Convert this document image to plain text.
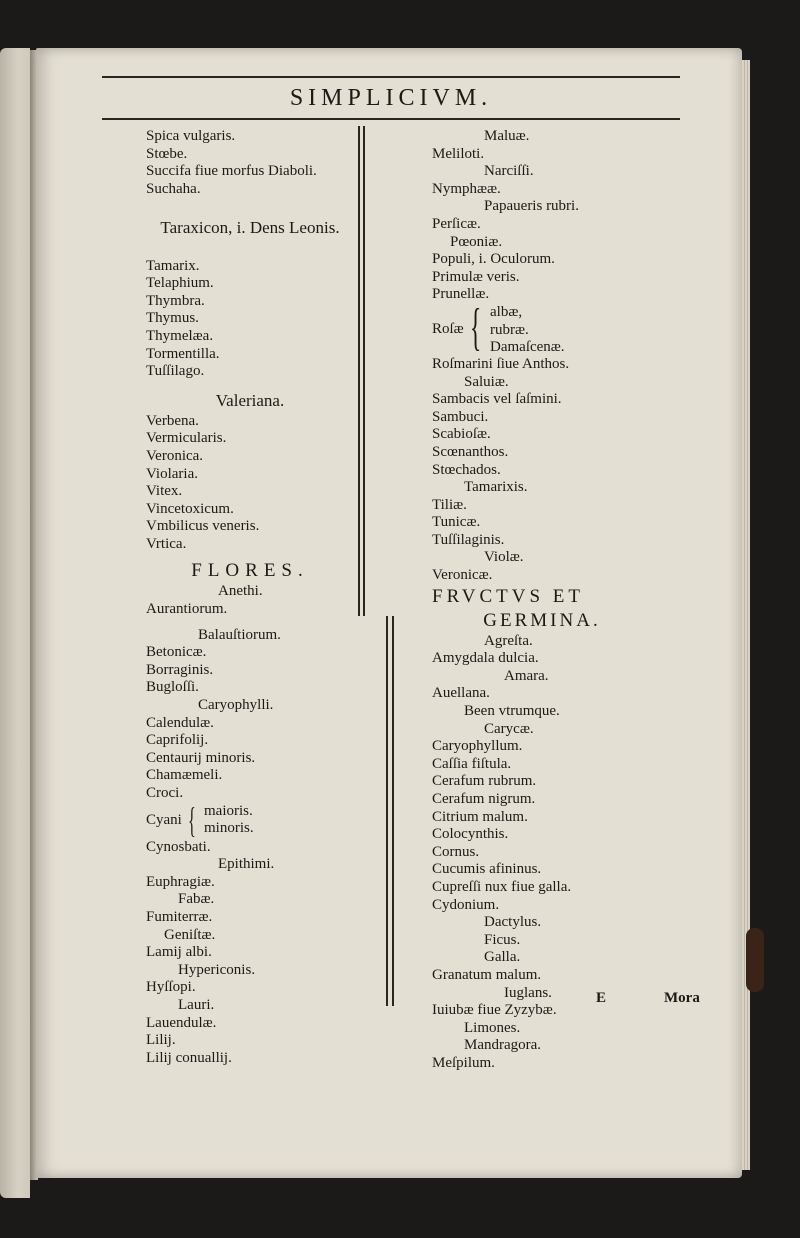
SIMPLICIVM.
Spica vulgaris.
Stœbe.
Succifa fiue morfus Diaboli.
Suchaha.
Taraxicon, i. Dens Leonis.
Tamarix.
Telaphium.
Thymbra.
Thymus.
Thymelæa.
Tormentilla.
Tuſſilago.
Valeriana.
Verbena.
Vermicularis.
Veronica.
Violaria.
Vitex.
Vincetoxicum.
Vmbilicus veneris.
Vrtica.
FLORES.
Anethi.
Aurantiorum.
Balauſtiorum.
Betonicæ.
Borraginis.
Bugloſſi.
Caryophylli.
Calendulæ.
Caprifolij.
Centaurij minoris.
Chamæmeli.
Croci.
Cyani { maioris.
minoris.
Cynosbati.
Epithimi.
Euphragiæ.
Fabæ.
Fumiterræ.
Geniſtæ.
Lamij albi.
Hypericonis.
Hyſſopi.
Lauri.
Lauendulæ.
Lilij.
Lilij conuallij.
Maluæ.
Meliloti.
Narciſſi.
Nymphææ.
Papaueris rubri.
Perſicæ.
Pœoniæ.
Populi, i. Oculorum.
Primulæ veris.
Prunellæ.
Roſæ { albæ,
rubræ.
Damaſcenæ.
Roſmarini ſiue Anthos.
Saluiæ.
Sambacis vel ſaſmini.
Sambuci.
Scabioſæ.
Scœnanthos.
Stœchados.
Tamarixis.
Tiliæ.
Tunicæ.
Tuſſilaginis.
Violæ.
Veronicæ.
FRVCTVS ET
GERMINA.
Agreſta.
Amygdala dulcia.
Amara.
Auellana.
Been vtrumque.
Carycæ.
Caryophyllum.
Caſſia fiſtula.
Cerafum rubrum.
Cerafum nigrum.
Citrium malum.
Colocynthis.
Cornus.
Cucumis afininus.
Cupreſſi nux fiue galla.
Cydonium.
Dactylus.
Ficus.
Galla.
Granatum malum.
Iuglans.
Iuiubæ fiue Zyzybæ.
Limones.
Mandragora.
Meſpilum.
E	Mora
